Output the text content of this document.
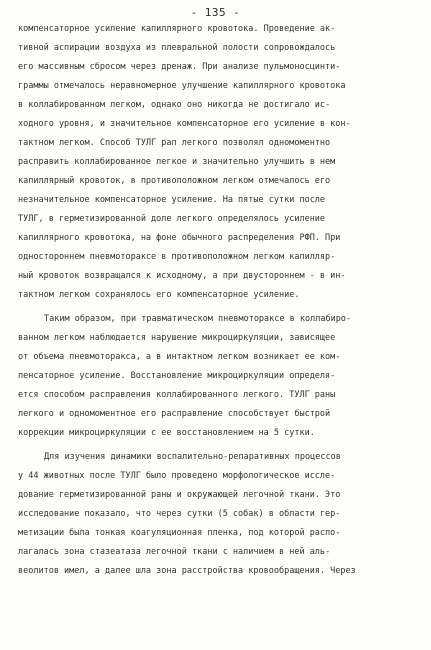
- 135 -
компенсаторное усиление капиллярного кровотока. Проведение ак-
тивной аспирации воздуха из плевральной полости сопровождалось
его массивным сбросом через дренаж. При анализе пульмоносцинти-
граммы отмечалось неравномерное улучшение капиллярного кровотока
в коллабированном легком, однако оно никогда не достигало ис-
ходного уровня, и значительное компенсаторное его усиление в кон-
тактном легком. Способ ТУЛГ рап легкого позволял одномоментно
расправить коллабированное легкое и значительно улучшить в нем
капиллярный кровоток, в противоположном легком отмечалось его
незначительное компенсаторное усиление. На пятые сутки после
ТУЛГ, в герметизированной доле легкого определялось усиление
капиллярного кровотока, на фоне обычного распределения РФП. При
одностороннем пневмотораксе в противоположном легком капилляр-
ный кровоток возвращался к исходному, а при двустороннем - в ин-
тактном легком сохранялось его компенсаторное усиление.
Таким образом, при травматическом пневмотораксе в коллабиро-
ванном легком наблюдается нарушение микроциркуляции, зависящее
от объема пневмоторакса, а в интактном легком возникает ее ком-
пенсаторное усиление. Восстановление микроциркуляции определя-
ется способом расправления коллабированного легкого. ТУЛГ раны
легкого и одномоментное его расправление способствует быстрой
коррекции микроциркуляции с ее восстановлением на 5 сутки.
Для изучения динамики воспалительно-репаративных процессов
у 44 животных после ТУЛГ было проведено морфологическое иссле-
дование герметизированной раны и окружающей легочной ткани. Это
исследование показало, что через сутки (5 собак) в области гер-
метизации была тонкая коагуляционная пленка, под которой распо-
лагалась зона стазеатаза легочной ткани с наличием в ней аль-
веолитов имел, а далее шла зона расстройства кровообращения. Через
